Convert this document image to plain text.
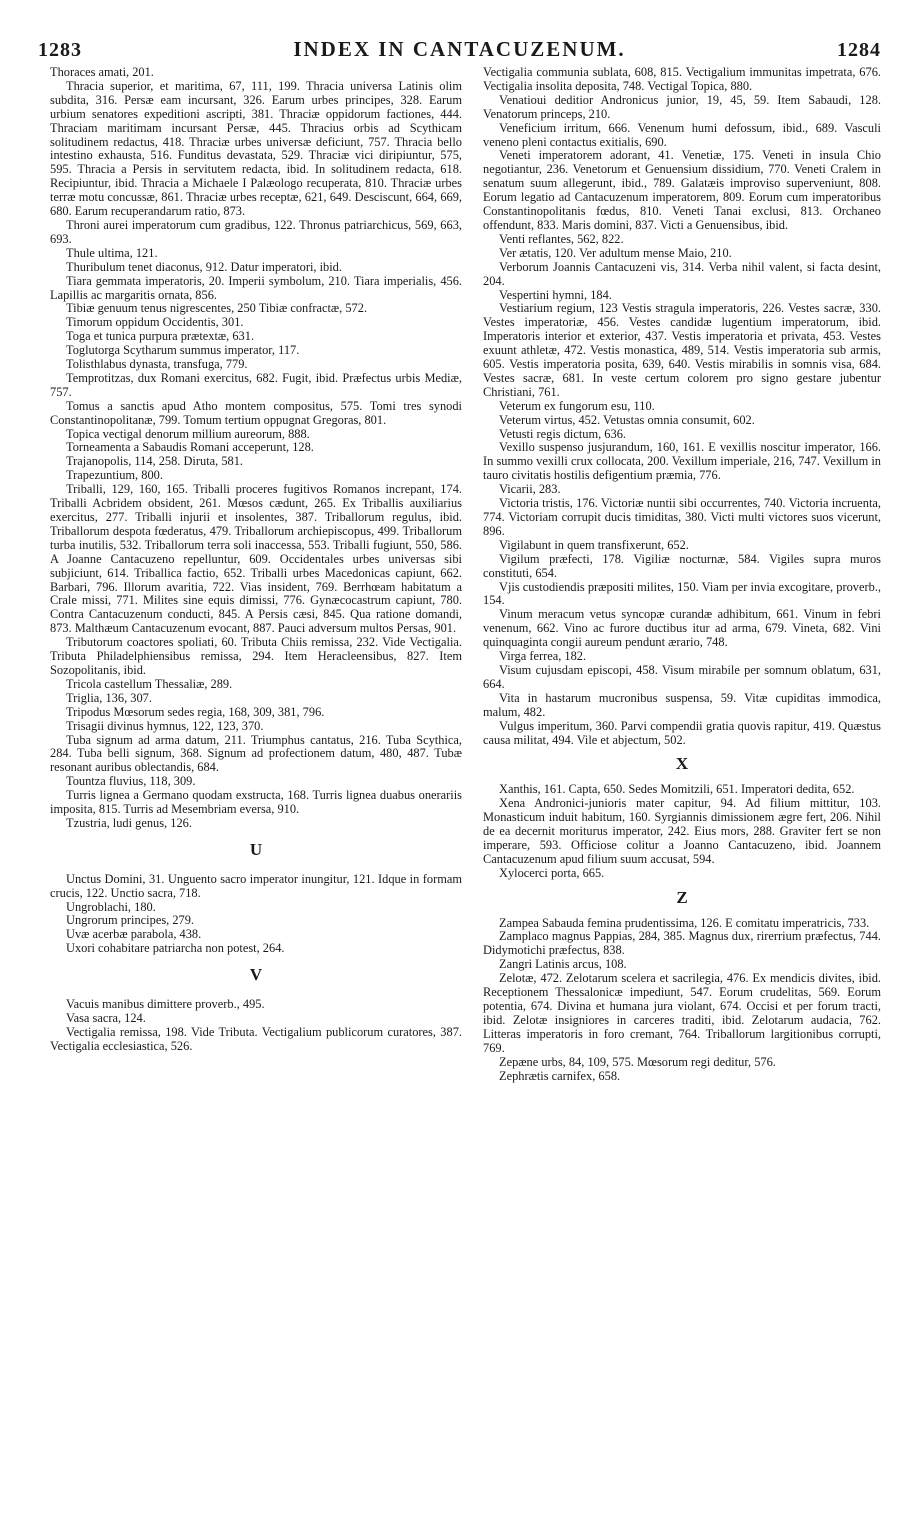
1283	INDEX IN CANTACUZENUM.	1284

Thoraces amati, 201.

Thracia superior, et maritima, 67, 111, 199. Thracia universa Latinis olim subdita, 316. Persæ eam incursant, 326. Earum urbes principes, 328. Earum urbium senatores expeditioni ascripti, 381. Thraciæ oppidorum factiones, 444. Thraciam maritimam incursant Persæ, 445. Thracius orbis ad Scythicam solitudinem redactus, 418. Thraciæ urbes universæ deficiunt, 757. Thracia bello intestino exhausta, 516. Funditus devastata, 529. Thraciæ vici diripiuntur, 575, 595. Thracia a Persis in servitutem redacta, ibid. In solitudinem redacta, 618. Recipiuntur, ibid. Thracia a Michaele I Palæologo recuperata, 810. Thraciæ urbes terræ motu concussæ, 861. Thraciæ urbes receptæ, 621, 649. Desciscunt, 664, 669, 680. Earum recuperandarum ratio, 873.

Throni aurei imperatorum cum gradibus, 122. Thronus patriarchicus, 569, 663, 693.

Thule ultima, 121.

Thuribulum tenet diaconus, 912. Datur imperatori, ibid.

Tiara gemmata imperatoris, 20. Imperii symbolum, 210. Tiara imperialis, 456. Lapillis ac margaritis ornata, 856.

Tibiæ genuum tenus nigrescentes, 250 Tibiæ confractæ, 572.

Timorum oppidum Occidentis, 301.

Toga et tunica purpura prætextæ, 631.

Toglutorga Scytharum summus imperator, 117.

Tolisthlabus dynasta, transfuga, 779.

Temprotitzas, dux Romani exercitus, 682. Fugit, ibid. Præfectus urbis Mediæ, 757.

Tomus a sanctis apud Atho montem compositus, 575. Tomi tres synodi Constantinopolitanæ, 799. Tomum tertium oppugnat Gregoras, 801.

Topica vectigal denorum millium aureorum, 888.

Torneamenta a Sabaudis Romani acceperunt, 128.

Trajanopolis, 114, 258. Diruta, 581.

Trapezuntium, 800.

Triballi, 129, 160, 165. Triballi proceres fugitivos Romanos increpant, 174. Triballi Acbridem obsident, 261. Mœsos cædunt, 265. Ex Triballis auxiliarius exercitus, 277. Triballi injurii et insolentes, 387. Triballorum regulus, ibid. Triballorum despota fœderatus, 479. Triballorum archiepiscopus, 499. Triballorum turba inutilis, 532. Triballorum terra soli inaccessa, 553. Triballi fugiunt, 550, 586. A Joanne Cantacuzeno repelluntur, 609. Occidentales urbes universas sibi subjiciunt, 614. Triballica factio, 652. Triballi urbes Macedonicas capiunt, 662. Barbari, 796. Illorum avaritia, 722. Vias insident, 769. Berrhœam habitatum a Crale missi, 771. Milites sine equis dimissi, 776. Gynæcocastrum capiunt, 780. Contra Cantacuzenum conducti, 845. A Persis cæsi, 845. Qua ratione domandi, 873. Malthæum Cantacuzenum evocant, 887. Pauci adversum multos Persas, 901.

Tributorum coactores spoliati, 60. Tributa Chiis remissa, 232. Vide Vectigalia. Tributa Philadelphiensibus remissa, 294. Item Heracleensibus, 827. Item Sozopolitanis, ibid.

Tricola castellum Thessaliæ, 289.

Triglia, 136, 307.

Tripodus Mœsorum sedes regia, 168, 309, 381, 796.

Trisagii divinus hymnus, 122, 123, 370.

Tuba signum ad arma datum, 211. Triumphus cantatus, 216. Tuba Scythica, 284. Tuba belli signum, 368. Signum ad profectionem datum, 480, 487. Tubæ resonant auribus oblectandis, 684.

Tountza fluvius, 118, 309.

Turris lignea a Germano quodam exstructa, 168. Turris lignea duabus onerariis imposita, 815. Turris ad Mesembriam eversa, 910.

Tzustria, ludi genus, 126.

U

Unctus Domini, 31. Unguento sacro imperator inungitur, 121. Idque in formam crucis, 122. Unctio sacra, 718.

Ungroblachi, 180.

Ungrorum principes, 279.

Uvæ acerbæ parabola, 438.

Uxori cohabitare patriarcha non potest, 264.

V

Vacuis manibus dimittere proverb., 495.

Vasa sacra, 124.

Vectigalia remissa, 198. Vide Tributa. Vectigalium publicorum curatores, 387. Vectigalia ecclesiastica, 526.

Vectigalia communia sublata, 608, 815. Vectigalium immunitas impetrata, 676. Vectigalia insolita deposita, 748. Vectigal Topica, 880.

Venatioui deditior Andronicus junior, 19, 45, 59. Item Sabaudi, 128. Venatorum princeps, 210.

Veneficium irritum, 666. Venenum humi defossum, ibid., 689. Vasculi veneno pleni contactus exitialis, 690.

Veneti imperatorem adorant, 41. Venetiæ, 175. Veneti in insula Chio negotiantur, 236. Venetorum et Genuensium dissidium, 770. Veneti Cralem in senatum suum allegerunt, ibid., 789. Galatæis improviso superveniunt, 808. Eorum legatio ad Cantacuzenum imperatorem, 809. Eorum cum imperatoribus Constantinopolitanis fœdus, 810. Veneti Tanai exclusi, 813. Orchaneo offendunt, 833. Maris domini, 837. Victi a Genuensibus, ibid.

Venti reflantes, 562, 822.

Ver ætatis, 120. Ver adultum mense Maio, 210.

Verborum Joannis Cantacuzeni vis, 314. Verba nihil valent, si facta desint, 204.

Vespertini hymni, 184.

Vestiarium regium, 123 Vestis stragula imperatoris, 226. Vestes sacræ, 330. Vestes imperatoriæ, 456. Vestes candidæ lugentium imperatorum, ibid. Imperatoris interior et exterior, 437. Vestis imperatoria et privata, 453. Vestes exuunt athletæ, 472. Vestis monastica, 489, 514. Vestis imperatoria sub armis, 605. Vestis imperatoria posita, 639, 640. Vestis mirabilis in somnis visa, 684. Vestes sacræ, 681. In veste certum colorem pro signo gestare jubentur Christiani, 761.

Veterum ex fungorum esu, 110.

Veterum virtus, 452. Vetustas omnia consumit, 602.

Vetusti regis dictum, 636.

Vexillo suspenso jusjurandum, 160, 161. E vexillis noscitur imperator, 166. In summo vexilli crux collocata, 200. Vexillum imperiale, 216, 747. Vexillum in tauro civitatis hostilis defigentium præmia, 776.

Vicarii, 283.

Victoria tristis, 176. Victoriæ nuntii sibi occurrentes, 740. Victoria incruenta, 774. Victoriam corrupit ducis timiditas, 380. Victi multi victores suos vicerunt, 896.

Vigilabunt in quem transfixerunt, 652.

Vigilum præfecti, 178. Vigiliæ nocturnæ, 584. Vigiles supra muros constituti, 654.

Vjis custodiendis præpositi milites, 150. Viam per invia excogitare, proverb., 154.

Vinum meracum vetus syncopæ curandæ adhibitum, 661. Vinum in febri venenum, 662. Vino ac furore ductibus itur ad arma, 679. Vineta, 682. Vini quinquaginta congii aureum pendunt ærario, 748.

Virga ferrea, 182.

Visum cujusdam episcopi, 458. Visum mirabile per somnum oblatum, 631, 664.

Vita in hastarum mucronibus suspensa, 59. Vitæ cupiditas immodica, malum, 482.

Vulgus imperitum, 360. Parvi compendii gratia quovis rapitur, 419. Quæstus causa militat, 494. Vile et abjectum, 502.

X

Xanthis, 161. Capta, 650. Sedes Momitzili, 651. Imperatori dedita, 652.

Xena Andronici-junioris mater capitur, 94. Ad filium mittitur, 103. Monasticum induit habitum, 160. Syrgiannis dimissionem ægre fert, 206. Nihil de ea decernit moriturus imperator, 242. Eius mors, 288. Graviter fert se non imperare, 593. Officiose colitur a Joanno Cantacuzeno, ibid. Joannem Cantacuzenum apud filium suum accusat, 594.

Xylocerci porta, 665.

Z

Zampea Sabauda femina prudentissima, 126. E comitatu imperatricis, 733.

Zamplaco magnus Pappias, 284, 385. Magnus dux, rirerrium præfectus, 744. Didymotichi præfectus, 838.

Zangri Latinis arcus, 108.

Zelotæ, 472. Zelotarum scelera et sacrilegia, 476. Ex mendicis divites, ibid. Receptionem Thessalonicæ impediunt, 547. Eorum crudelitas, 569. Eorum potentia, 674. Divina et humana jura violant, 674. Occisi et per forum tracti, ibid. Zelotæ insigniores in carceres traditi, ibid. Zelotarum audacia, 762. Litteras imperatoris in foro cremant, 764. Triballorum largitionibus corrupti, 769.

Zepæne urbs, 84, 109, 575. Mœsorum regi deditur, 576.

Zephrætis carnifex, 658.
